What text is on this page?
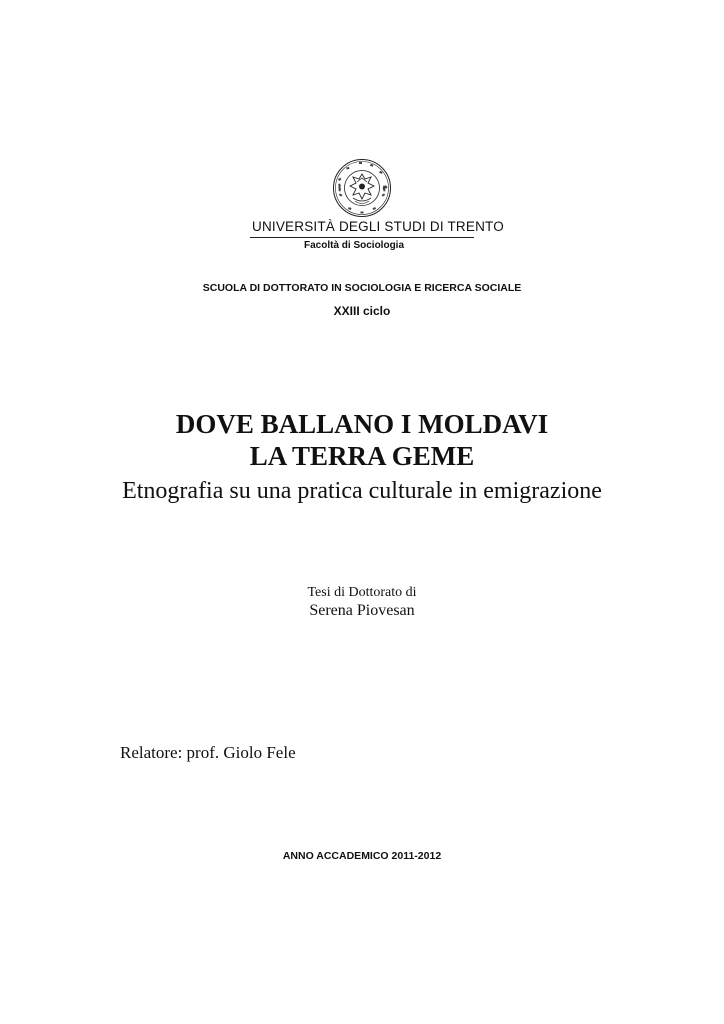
UNIVERSITÀ DEGLI STUDI DI TRENTO
Facoltà di Sociologia
SCUOLA DI DOTTORATO IN SOCIOLOGIA E RICERCA SOCIALE
XXIII ciclo
DOVE BALLANO I MOLDAVI
LA TERRA GEME
Etnografia su una pratica culturale in emigrazione
Tesi di Dottorato di
Serena Piovesan
Relatore: prof. Giolo Fele
ANNO ACCADEMICO 2011-2012
